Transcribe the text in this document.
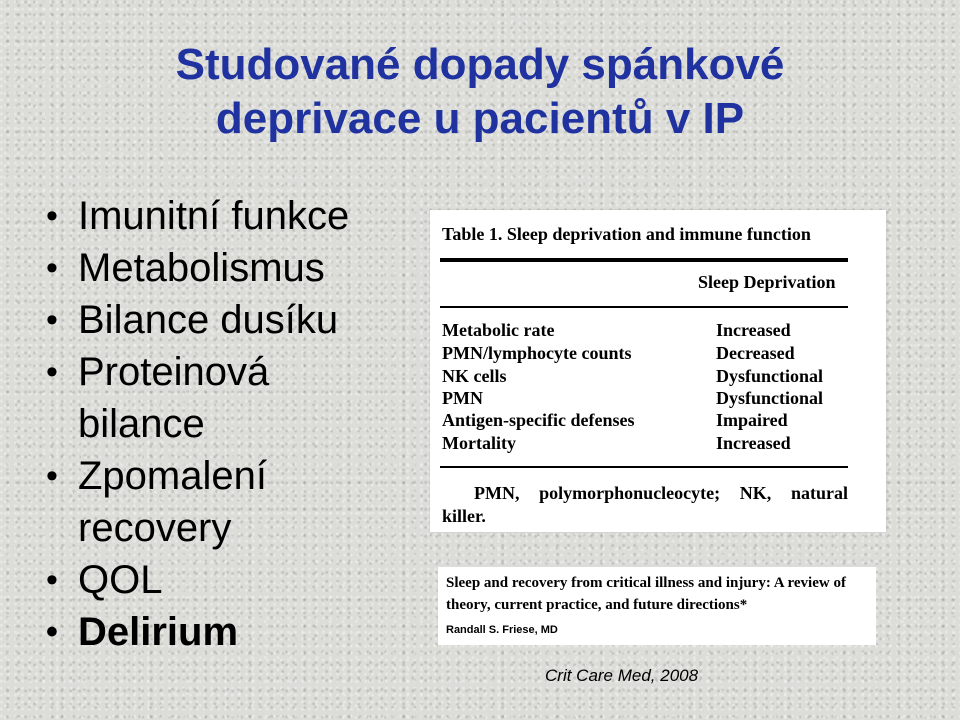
Studované dopady spánkové
deprivace u pacientů v IP
• Imunitní funkce
• Metabolismus
• Bilance dusíku
• Proteinová bilance
• Zpomalení recovery
• QOL
• Delirium
Table 1. Sleep deprivation and immune function
Sleep Deprivation
Metabolic rate	Increased
PMN/lymphocyte counts	Decreased
NK cells	Dysfunctional
PMN	Dysfunctional
Antigen-specific defenses	Impaired
Mortality	Increased
PMN, polymorphonucleocyte; NK, natural killer.
Sleep and recovery from critical illness and injury: A review of theory, current practice, and future directions*
Randall S. Friese, MD
Crit Care Med, 2008
